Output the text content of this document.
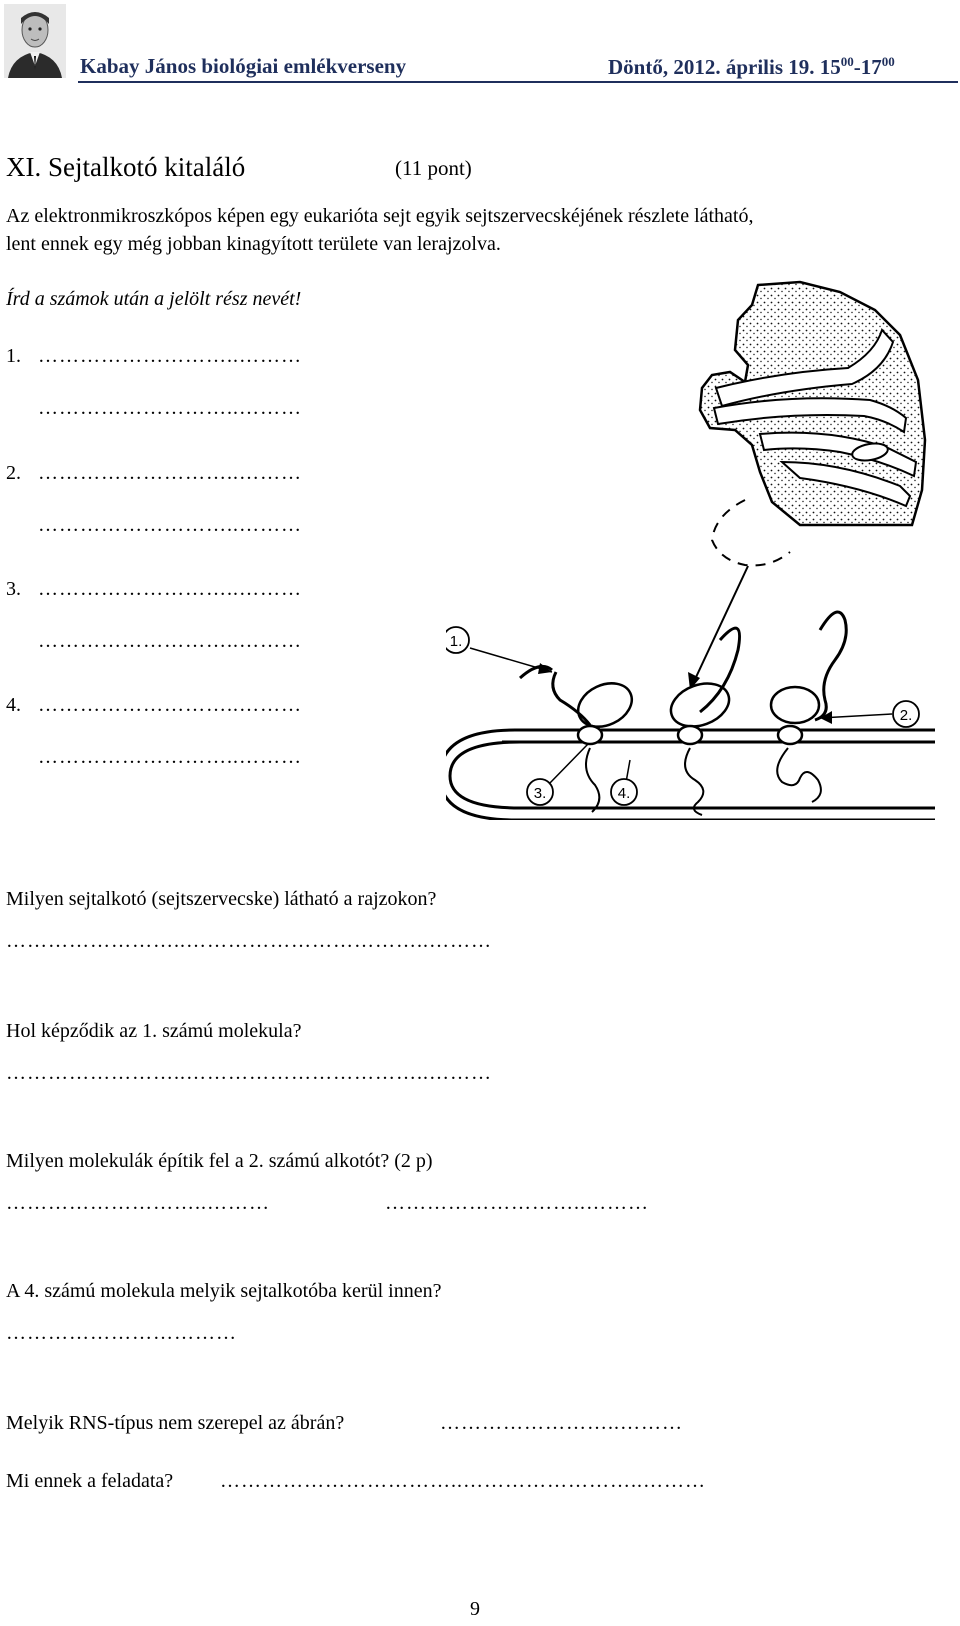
Kabay János biológiai emlékverseny	Döntő, 2012. április 19. $15^{00}-17^{00}$
XI. Sejtalkotó kitaláló	(11 pont)
Az elektronmikroszkópos képen egy eukarióta sejt egyik sejtszervecskéjének részlete látható,
lent ennek egy még jobban kinagyított területe van lerajzolva.
Írd a számok után a jelölt rész nevét!
1. ………………………..………
………………………..………
2. ………………………..………
………………………..………
3. ………………………..………
………………………..………
4. ………………………..………
………………………..………
1.
2.
3.	4.
Milyen sejtalkotó (sejtszervecske) látható a rajzokon?
……………………..……………………………..………
Hol képződik az 1. számú molekula?
……………………..……………………………..………
Milyen molekulák építik fel a 2. számú alkotót? (2 p)
………………………..………	………………………..………
A 4. számú molekula melyik sejtalkotóba kerül innen?
……………………………
Melyik RNS-típus nem szerepel az ábrán?	……………………..………
Mi ennek a feladata? ……………………………..……………………..………
9
